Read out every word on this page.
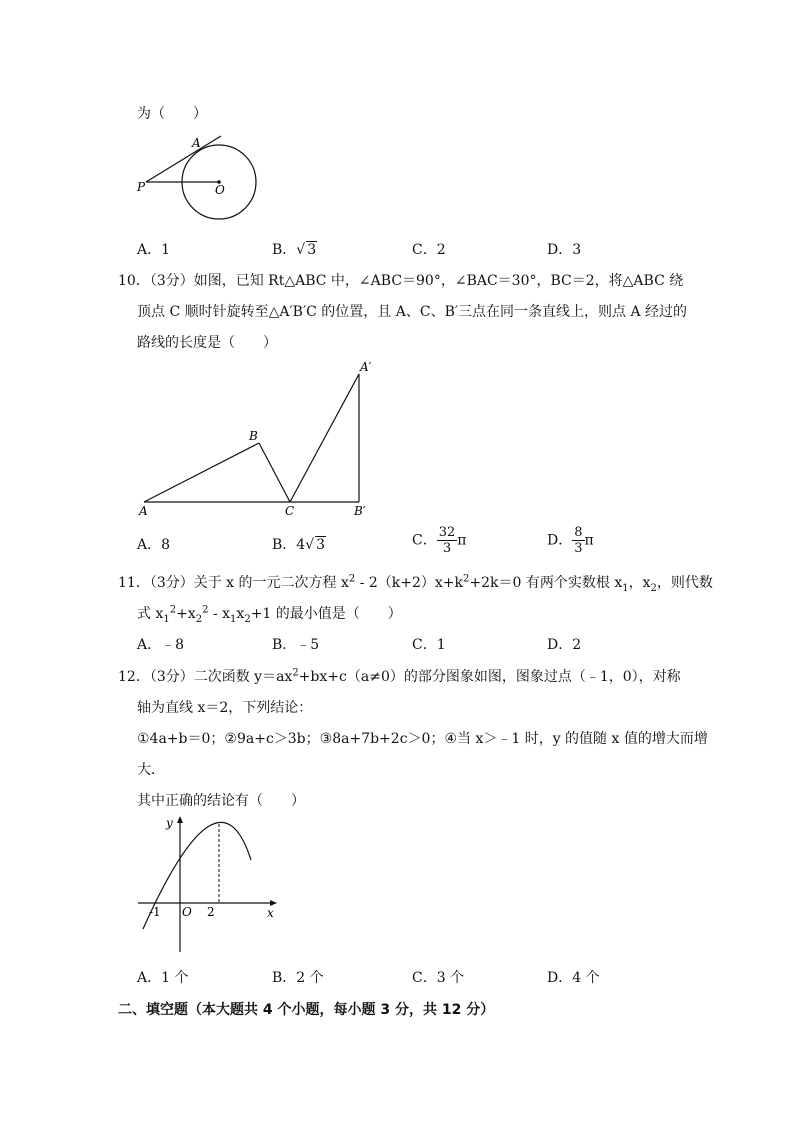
为（　　）
A
P	O
A．1	B．√ 3	C．2	D．3
10．（3分）如图，已知 Rt△ABC 中，∠ABC＝90°，∠BAC＝30°，BC＝2，将△ABC 绕
顶点 C 顺时针旋转至△A′B′C 的位置，且 A、C、B′三点在同一条直线上，则点 A 经过的
路线的长度是（　　）
A
B
C
A′
B′
A．8	B．4√ 3	C． $\frac{32}{3}$ π	D． $\frac{8}{3}$ π
11．（3分）关于 x 的一元二次方程 $x^2 - 2(k+2)x+k^2+2k=0$ 有两个实数根 $x_1$，$x_2$，则代数
式 $x_1^2+x_2^2 - x_1x_2+1$ 的最小值是（　　）
A．﹣8	B．﹣5	C．1	D．2
12．（3分）二次函数 $y=ax^2+bx+c(a\ne 0)$的部分图象如图，图象过点（﹣1，0），对称
轴为直线 x＝2，下列结论：
①4a+b＝0；②9a+c＞3b；③8a+7b+2c＞0；④当 x＞﹣1 时，y 的值随 x 值的增大而增
大．
其中正确的结论有（　　）
y
x
-1 O 2
A．1 个	B．2 个	C．3 个	D．4 个
二、填空题（本大题共 4 个小题，每小题 3 分，共 12 分）
